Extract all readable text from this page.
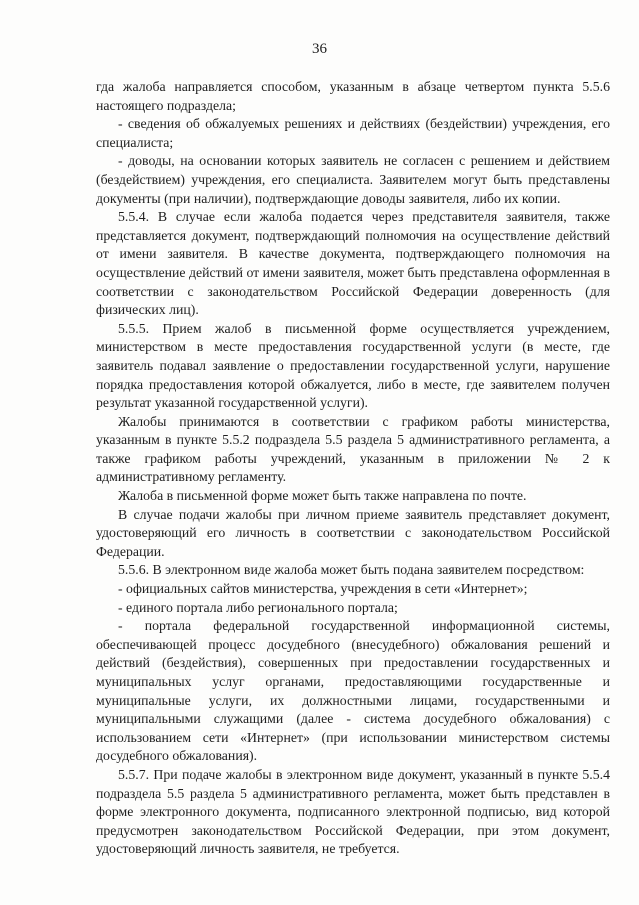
36

гда жалоба направляется способом, указанным в абзаце четвертом пункта 5.5.6 настоящего подраздела;

- сведения об обжалуемых решениях и действиях (бездействии) учреждения, его специалиста;

- доводы, на основании которых заявитель не согласен с решением и действием (бездействием) учреждения, его специалиста. Заявителем могут быть представлены документы (при наличии), подтверждающие доводы заявителя, либо их копии.

5.5.4. В случае если жалоба подается через представителя заявителя, также представляется документ, подтверждающий полномочия на осуществление действий от имени заявителя. В качестве документа, подтверждающего полномочия на осуществление действий от имени заявителя, может быть представлена оформленная в соответствии с законодательством Российской Федерации доверенность (для физических лиц).

5.5.5. Прием жалоб в письменной форме осуществляется учреждением, министерством в месте предоставления государственной услуги (в месте, где заявитель подавал заявление о предоставлении государственной услуги, нарушение порядка предоставления которой обжалуется, либо в месте, где заявителем получен результат указанной государственной услуги).

Жалобы принимаются в соответствии с графиком работы министерства, указанным в пункте 5.5.2 подраздела 5.5 раздела 5 административного регламента, а также графиком работы учреждений, указанным в приложении № 2 к административному регламенту.

Жалоба в письменной форме может быть также направлена по почте.

В случае подачи жалобы при личном приеме заявитель представляет документ, удостоверяющий его личность в соответствии с законодательством Российской Федерации.

5.5.6. В электронном виде жалоба может быть подана заявителем посредством:

- официальных сайтов министерства, учреждения в сети «Интернет»;

- единого портала либо регионального портала;

- портала федеральной государственной информационной системы, обеспечивающей процесс досудебного (внесудебного) обжалования решений и действий (бездействия), совершенных при предоставлении государственных и муниципальных услуг органами, предоставляющими государственные и муниципальные услуги, их должностными лицами, государственными и муниципальными служащими (далее - система досудебного обжалования) с использованием сети «Интернет» (при использовании министерством системы досудебного обжалования).

5.5.7. При подаче жалобы в электронном виде документ, указанный в пункте 5.5.4 подраздела 5.5 раздела 5 административного регламента, может быть представлен в форме электронного документа, подписанного электронной подписью, вид которой предусмотрен законодательством Российской Федерации, при этом документ, удостоверяющий личность заявителя, не требуется.
